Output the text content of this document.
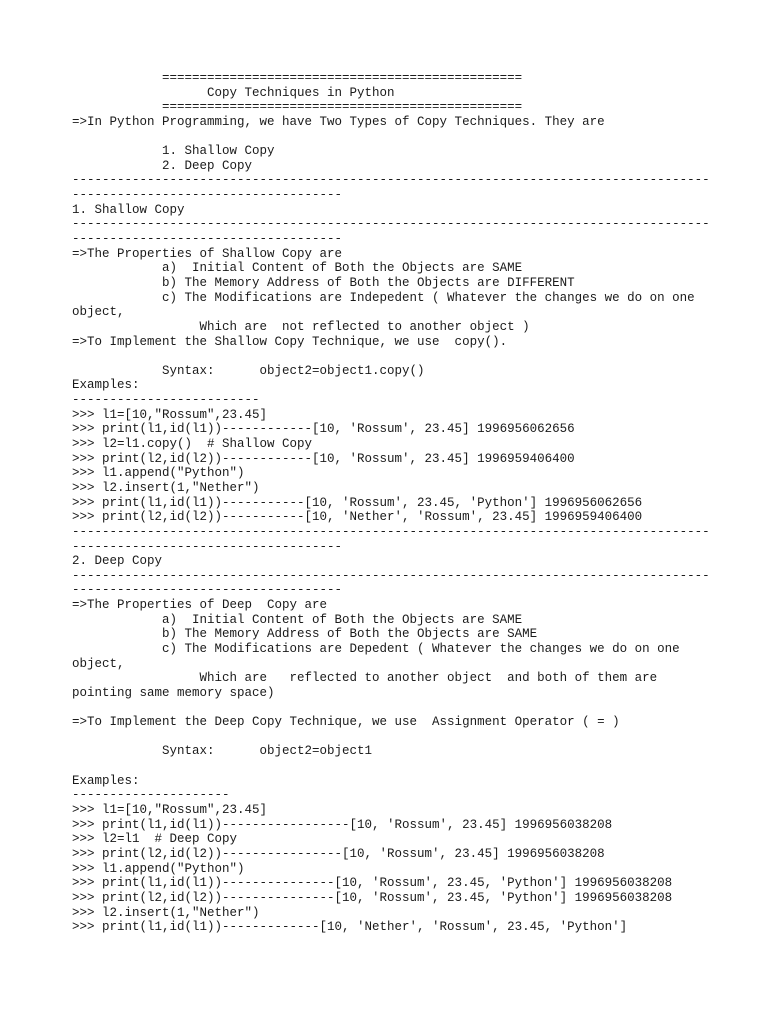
================================================
Copy Techniques in Python
================================================
=>In Python Programming, we have Two Types of Copy Techniques. They are
1. Shallow Copy
2. Deep Copy
-------------------------------------------------------------------------------------
------------------------------------
1. Shallow Copy
-------------------------------------------------------------------------------------
------------------------------------
=>The Properties of Shallow Copy are
a)  Initial Content of Both the Objects are SAME
b) The Memory Address of Both the Objects are DIFFERENT
c) The Modifications are Indepedent ( Whatever the changes we do on one
object,
Which are  not reflected to another object )
=>To Implement the Shallow Copy Technique, we use  copy().
Syntax:      object2=object1.copy()
Examples:
-------------------------
>>> l1=[10,"Rossum",23.45]
>>> print(l1,id(l1))------------[10, 'Rossum', 23.45] 1996956062656
>>> l2=l1.copy()  # Shallow Copy
>>> print(l2,id(l2))------------[10, 'Rossum', 23.45] 1996959406400
>>> l1.append("Python")
>>> l2.insert(1,"Nether")
>>> print(l1,id(l1))-----------[10, 'Rossum', 23.45, 'Python'] 1996956062656
>>> print(l2,id(l2))-----------[10, 'Nether', 'Rossum', 23.45] 1996959406400
-------------------------------------------------------------------------------------
------------------------------------
2. Deep Copy
-------------------------------------------------------------------------------------
------------------------------------
=>The Properties of Deep  Copy are
a)  Initial Content of Both the Objects are SAME
b) The Memory Address of Both the Objects are SAME
c) The Modifications are Depedent ( Whatever the changes we do on one
object,
Which are   reflected to another object  and both of them are
pointing same memory space)
=>To Implement the Deep Copy Technique, we use  Assignment Operator ( = )
Syntax:      object2=object1
Examples:
---------------------
>>> l1=[10,"Rossum",23.45]
>>> print(l1,id(l1))-----------------[10, 'Rossum', 23.45] 1996956038208
>>> l2=l1  # Deep Copy
>>> print(l2,id(l2))----------------[10, 'Rossum', 23.45] 1996956038208
>>> l1.append("Python")
>>> print(l1,id(l1))---------------[10, 'Rossum', 23.45, 'Python'] 1996956038208
>>> print(l2,id(l2))---------------[10, 'Rossum', 23.45, 'Python'] 1996956038208
>>> l2.insert(1,"Nether")
>>> print(l1,id(l1))-------------[10, 'Nether', 'Rossum', 23.45, 'Python']
